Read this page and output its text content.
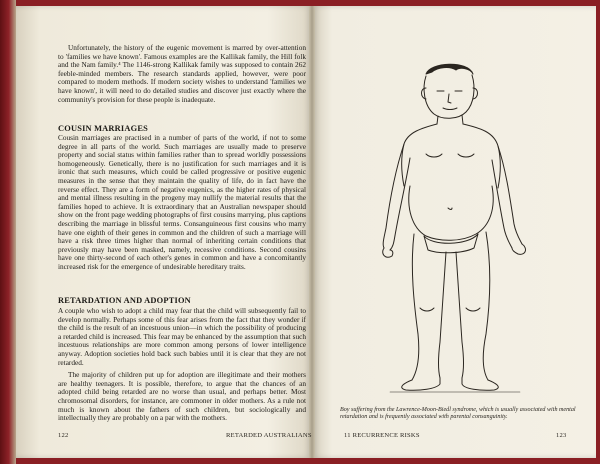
Unfortunately, the history of the eugenic movement is marred by over-attention to 'families we have known'. Famous examples are the Kallikak family, the Hill folk and the Nam family.⁴ The 1146-strong Kallikak family was supposed to contain 262 feeble-minded members. The research standards applied, however, were poor compared to modern methods. If modern society wishes to understand 'families we have known', it will need to do detailed studies and discover just exactly where the community's provision for these people is inadequate.

COUSIN MARRIAGES

Cousin marriages are practised in a number of parts of the world, if not to some degree in all parts of the world. Such marriages are usually made to preserve property and social status within families rather than to spread worldly possessions homogeneously. Genetically, there is no justification for such marriages and it is ironic that such measures, which could be called progressive or positive eugenic measures in the sense that they maintain the quality of life, do in fact have the reverse effect. They are a form of negative eugenics, as the higher rates of physical and mental illness resulting in the progeny may nullify the material results that the families hoped to achieve. It is extraordinary that an Australian newspaper should show on the front page wedding photographs of first cousins marrying, plus captions describing the marriage in blissful terms. Consanguineous first cousins who marry have one eighth of their genes in common and the children of such a marriage will have a risk three times higher than normal of inheriting certain conditions that previously may have been masked, namely, recessive conditions. Second cousins have one thirty-second of each other's genes in common and have a concomitantly increased risk for the emergence of undesirable hereditary traits.

RETARDATION AND ADOPTION

A couple who wish to adopt a child may fear that the child will subsequently fail to develop normally. Perhaps some of this fear arises from the fact that they wonder if the child is the result of an incestuous union—in which the possibility of producing a retarded child is increased. This fear may be enhanced by the assumption that such incestuous relationships are more common among persons of lower intelligence anyway. Adoption societies hold back such babies until it is clear that they are not retarded.

The majority of children put up for adoption are illegitimate and their mothers are healthy teenagers. It is possible, therefore, to argue that the chances of an adopted child being retarded are no worse than usual, and perhaps better. Most chromosomal disorders, for instance, are commoner in older mothers. As a rule not much is known about the fathers of such children, but sociologically and intellectually they are probably on a par with the mothers.

122	RETARDED AUSTRALIANS
Boy suffering from the Lawrence-Moon-Biedl syndrome, which is usually associated with mental retardation and is frequently associated with parental consanguinity.
11 RECURRENCE RISKS	123
